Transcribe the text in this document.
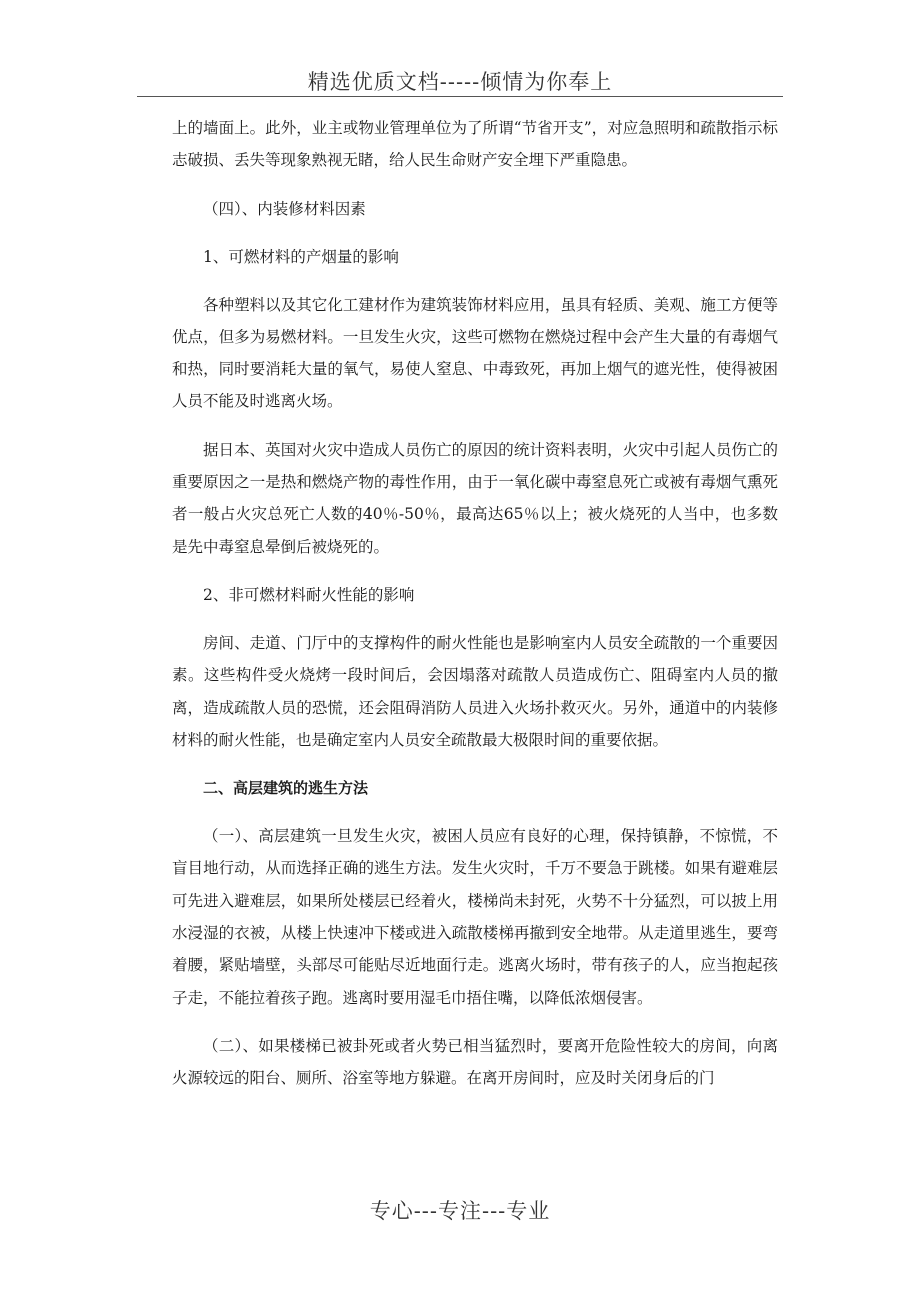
精选优质文档-----倾情为你奉上

上的墙面上。此外，业主或物业管理单位为了所谓“节省开支”，对应急照明和疏散指示标志破损、丢失等现象熟视无睹，给人民生命财产安全埋下严重隐患。

（四）、内装修材料因素

1、可燃材料的产烟量的影响

各种塑料以及其它化工建材作为建筑装饰材料应用，虽具有轻质、美观、施工方便等优点，但多为易燃材料。一旦发生火灾，这些可燃物在燃烧过程中会产生大量的有毒烟气和热，同时要消耗大量的氧气，易使人窒息、中毒致死，再加上烟气的遮光性，使得被困人员不能及时逃离火场。

据日本、英国对火灾中造成人员伤亡的原因的统计资料表明，火灾中引起人员伤亡的重要原因之一是热和燃烧产物的毒性作用，由于一氧化碳中毒窒息死亡或被有毒烟气熏死者一般占火灾总死亡人数的40％-50％，最高达65％以上；被火烧死的人当中，也多数是先中毒窒息晕倒后被烧死的。

2、非可燃材料耐火性能的影响

房间、走道、门厅中的支撑构件的耐火性能也是影响室内人员安全疏散的一个重要因素。这些构件受火烧烤一段时间后，会因塌落对疏散人员造成伤亡、阻碍室内人员的撤离，造成疏散人员的恐慌，还会阻碍消防人员进入火场扑救灭火。另外，通道中的内装修材料的耐火性能，也是确定室内人员安全疏散最大极限时间的重要依据。

二、高层建筑的逃生方法

（一）、高层建筑一旦发生火灾，被困人员应有良好的心理，保持镇静，不惊慌，不盲目地行动，从而选择正确的逃生方法。发生火灾时，千万不要急于跳楼。如果有避难层可先进入避难层，如果所处楼层已经着火，楼梯尚未封死，火势不十分猛烈，可以披上用水浸湿的衣被，从楼上快速冲下楼或进入疏散楼梯再撤到安全地带。从走道里逃生，要弯着腰，紧贴墙壁，头部尽可能贴尽近地面行走。逃离火场时，带有孩子的人，应当抱起孩子走，不能拉着孩子跑。逃离时要用湿毛巾捂住嘴，以降低浓烟侵害。

（二）、如果楼梯已被卦死或者火势已相当猛烈时，要离开危险性较大的房间，向离火源较远的阳台、厕所、浴室等地方躲避。在离开房间时，应及时关闭身后的门

专心---专注---专业
